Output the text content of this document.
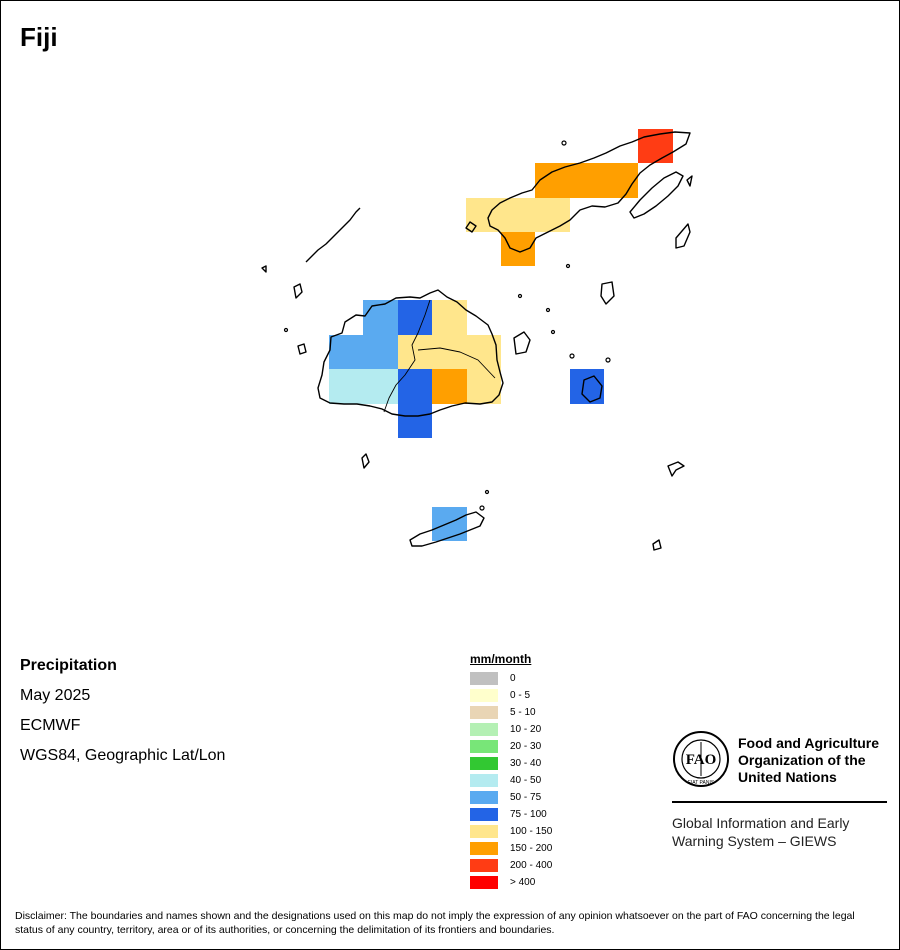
Fiji
Precipitation
May 2025
ECMWF
WGS84, Geographic Lat/Lon
mm/month
0
0 - 5
5 - 10
10 - 20
20 - 30
30 - 40
40 - 50
50 - 75
75 - 100
100 - 150
150 - 200
200 - 400
> 400
FAO
FIAT PANIS
Food and Agriculture
Organization of the
United Nations
Global Information and Early
Warning System – GIEWS
Disclaimer: The boundaries and names shown and the designations used on this map do not imply the expression of any opinion whatsoever on the part of FAO concerning the legal status of any country, territory, area or of its authorities, or concerning the delimitation of its frontiers and boundaries.
